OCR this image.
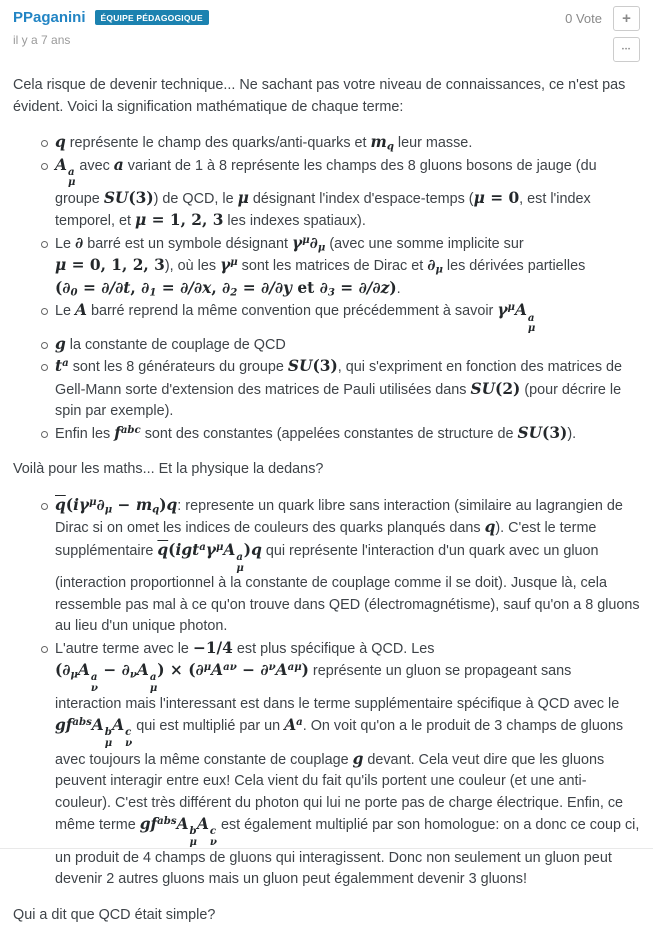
PPaganini	ÉQUIPE PÉDAGOGIQUE
il y a 7 ans
0 Vote +
•••

Cela risque de devenir technique... Ne sachant pas votre niveau de connaissances, ce n'est pas évident. Voici la signification mathématique de chaque terme:

q représente le champ des quarks/anti-quarks et mq leur masse.
A a
μ
avec a variant de 1 à 8 représente les champs des 8 gluons bosons de jauge (du groupe SU(3)) de QCD, le μ désignant l'index d'espace-temps (μ = 0, est l'index temporel, et μ = 1, 2, 3 les indexes spatiaux).
Le ∂ barré est un symbole désignant $\gamma^\mu\partial\mu$ (avec une somme implicite sur μ = 0, 1, 2, 3), où les $\gamma^\mu$ sont les matrices de Dirac et ∂μ les dérivées partielles (∂0 = ∂/∂t, ∂1 = ∂/∂x, ∂2 = ∂/∂y et ∂3 = ∂/∂z).
Le A barré reprend la même convention que précédemment à savoir $\gamma^\mu A$ a
μ
g la constante de couplage de QCD
$t^a$ sont les 8 générateurs du groupe SU(3), qui s'expriment en fonction des matrices de Gell-Mann sorte d'extension des matrices de Pauli utilisées dans SU(2) (pour décrire le spin par exemple).
Enfin les $f^{abc}$ sont des constantes (appelées constantes de structure de SU(3)).

Voilà pour les maths... Et la physique la dedans?

$\overline{q}(i\gamma^\mu\partial\mu - mq)q$: represente un quark libre sans interaction (similaire au lagrangien de Dirac si on omet les indices de couleurs des quarks planqués dans q). C'est le terme supplémentaire $\overline{q}(igt^a\gamma^\mu A$ a
μ
)q qui représente l'interaction d'un quark avec un gluon (interaction proportionnel à la constante de couplage comme il se doit). Jusque là, cela ressemble pas mal à ce qu'on trouve dans QED (électromagnétisme), sauf qu'on a 8 gluons au lieu d'un unique photon.
L'autre terme avec le −1/4 est plus spécifique à QCD. Les (∂μA a
ν
− ∂νA a
μ
) × $(\partial^\mu A^{a\nu} - \partial^\nu A^{a\mu})$ représente un gluon se propageant sans interaction mais l'interessant est dans le terme supplémentaire spécifique à QCD avec le $gf^{abs}A$ b
μ
A c
ν
qui est multiplié par un $A^a$. On voit qu'on a le produit de 3 champs de gluons avec toujours la même constante de couplage g devant. Cela veut dire que les gluons peuvent interagir entre eux! Cela vient du fait qu'ils portent une couleur (et une anti-couleur). C'est très différent du photon qui lui ne porte pas de charge électrique. Enfin, ce même terme $gf^{abs}A$ b
μ
A c
ν
est également multiplié par son homologue: on a donc ce coup ci, un produit de 4 champs de gluons qui interagissent. Donc non seulement un gluon peut devenir 2 autres gluons mais un gluon peut égalemment devenir 3 gluons!

Qui a dit que QCD était simple?
